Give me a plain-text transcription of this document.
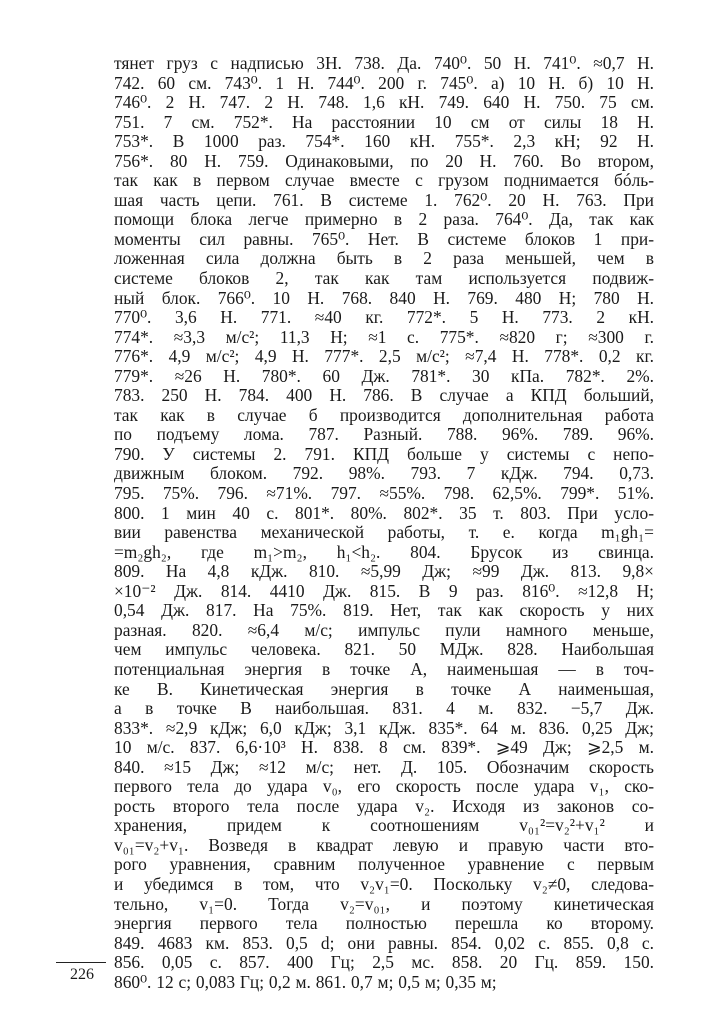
тянет груз с надписью 3Н. 738. Да. 740⁰. 50 Н. 741⁰. ≈0,7 Н.
742. 60 см. 743⁰. 1 Н. 744⁰. 200 г. 745⁰. а) 10 Н. б) 10 Н.
746⁰. 2 Н. 747. 2 Н. 748. 1,6 кН. 749. 640 Н. 750. 75 см.
751. 7 см. 752*. На расстоянии 10 см от силы 18 Н.
753*. В 1000 раз. 754*. 160 кН. 755*. 2,3 кН; 92 Н.
756*. 80 Н. 759. Одинаковыми, по 20 Н. 760. Во втором,
так как в первом случае вместе с грузом поднимается бóль-
шая часть цепи. 761. В системе 1. 762⁰. 20 Н. 763. При
помощи блока легче примерно в 2 раза. 764⁰. Да, так как
моменты сил равны. 765⁰. Нет. В системе блоков 1 при-
ложенная сила должна быть в 2 раза меньшей, чем в
системе блоков 2, так как там используется подвиж-
ный блок. 766⁰. 10 Н. 768. 840 Н. 769. 480 Н; 780 Н.
770⁰. 3,6 Н. 771. ≈40 кг. 772*. 5 Н. 773. 2 кН.
774*. ≈3,3 м/с²; 11,3 Н; ≈1 с. 775*. ≈820 г; ≈300 г.
776*. 4,9 м/с²; 4,9 Н. 777*. 2,5 м/с²; ≈7,4 Н. 778*. 0,2 кг.
779*. ≈26 Н. 780*. 60 Дж. 781*. 30 кПа. 782*. 2%.
783. 250 Н. 784. 400 Н. 786. В случае а КПД больший,
так как в случае б производится дополнительная работа
по подъему лома. 787. Разный. 788. 96%. 789. 96%.
790. У системы 2. 791. КПД больше у системы с непо-
движным блоком. 792. 98%. 793. 7 кДж. 794. 0,73.
795. 75%. 796. ≈71%. 797. ≈55%. 798. 62,5%. 799*. 51%.
800. 1 мин 40 с. 801*. 80%. 802*. 35 т. 803. При усло-
вии равенства механической работы, т. е. когда m₁gh₁=
=m₂gh₂, где m₁>m₂, h₁<h₂. 804. Брусок из свинца.
809. На 4,8 кДж. 810. ≈5,99 Дж; ≈99 Дж. 813. 9,8×
×10⁻² Дж. 814. 4410 Дж. 815. В 9 раз. 816⁰. ≈12,8 Н;
0,54 Дж. 817. На 75%. 819. Нет, так как скорость у них
разная. 820. ≈6,4 м/с; импульс пули намного меньше,
чем импульс человека. 821. 50 МДж. 828. Наибольшая
потенциальная энергия в точке А, наименьшая — в точ-
ке В. Кинетическая энергия в точке А наименьшая,
а в точке В наибольшая. 831. 4 м. 832. −5,7 Дж.
833*. ≈2,9 кДж; 6,0 кДж; 3,1 кДж. 835*. 64 м. 836. 0,25 Дж;
10 м/с. 837. 6,6·10³ Н. 838. 8 см. 839*. ⩾49 Дж; ⩾2,5 м.
840. ≈15 Дж; ≈12 м/с; нет. Д. 105. Обозначим скорость
первого тела до удара v₀, его скорость после удара v₁, ско-
рость второго тела после удара v₂. Исходя из законов со-
хранения, придем к соотношениям v₀₁²=v₂²+v₁² и
v₀₁=v₂+v₁. Возведя в квадрат левую и правую части вто-
рого уравнения, сравним полученное уравнение с первым
и убедимся в том, что v₂v₁=0. Поскольку v₂≠0, следова-
тельно, v₁=0. Тогда v₂=v₀₁, и поэтому кинетическая
энергия первого тела полностью перешла ко второму.
849. 4683 км. 853. 0,5 d; они равны. 854. 0,02 с. 855. 0,8 с.
856. 0,05 с. 857. 400 Гц; 2,5 мс. 858. 20 Гц. 859. 150.
860⁰. 12 с; 0,083 Гц; 0,2 м. 861. 0,7 м; 0,5 м; 0,35 м;
226
